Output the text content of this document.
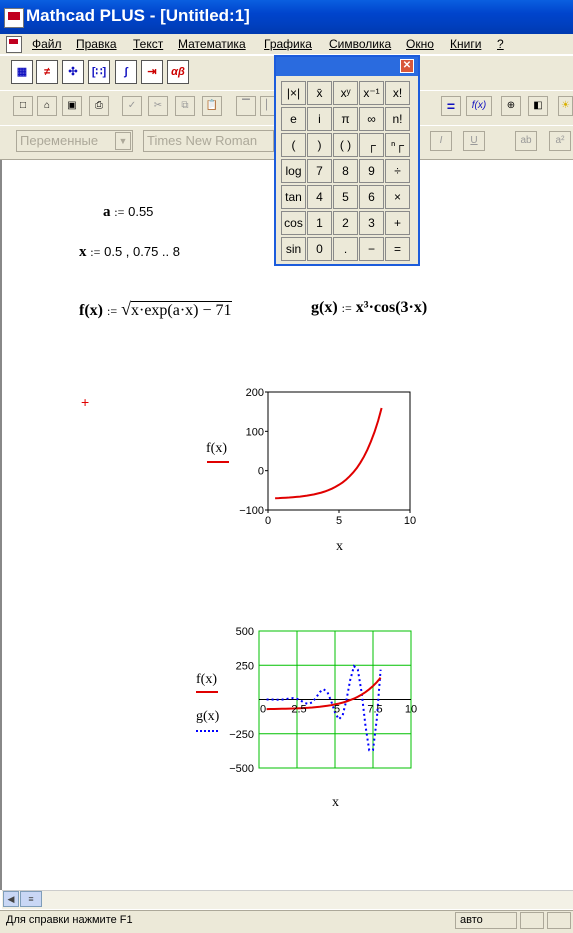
Mathcad PLUS - [Untitled:1]
Файл Правка Текст Математика Графика Символика Окно Книги ?
▦	≠	✣	[∷]	∫	⇥	αβ
□	⌂	▣	⎙	✓	✂	⧉	📋	▔	▏	=	f(x)	⊕	◧	☀
Переменные	▼	Times New Roman	I	U	ab	a²
a := 0.55
x := 0.5 , 0.75 .. 8
f(x) := √x·exp(a·x) − 71	g(x) := x³·cos(3·x)
+
200
100
0
−100
0	5	10
f(x)
x
500
250
−250
−500
0 2.5 5 7.5 10
f(x)
g(x)
x
✕
|×|	x̄	xʸ	x⁻¹	x!
e	i	π	∞	n!
(	)	( )	┌	ⁿ┌
log	7	8	9	÷
tan	4	5	6	×
cos	1	2	3	+
sin	0	.	−	=
◀	≡
Для справки нажмите F1	авто
